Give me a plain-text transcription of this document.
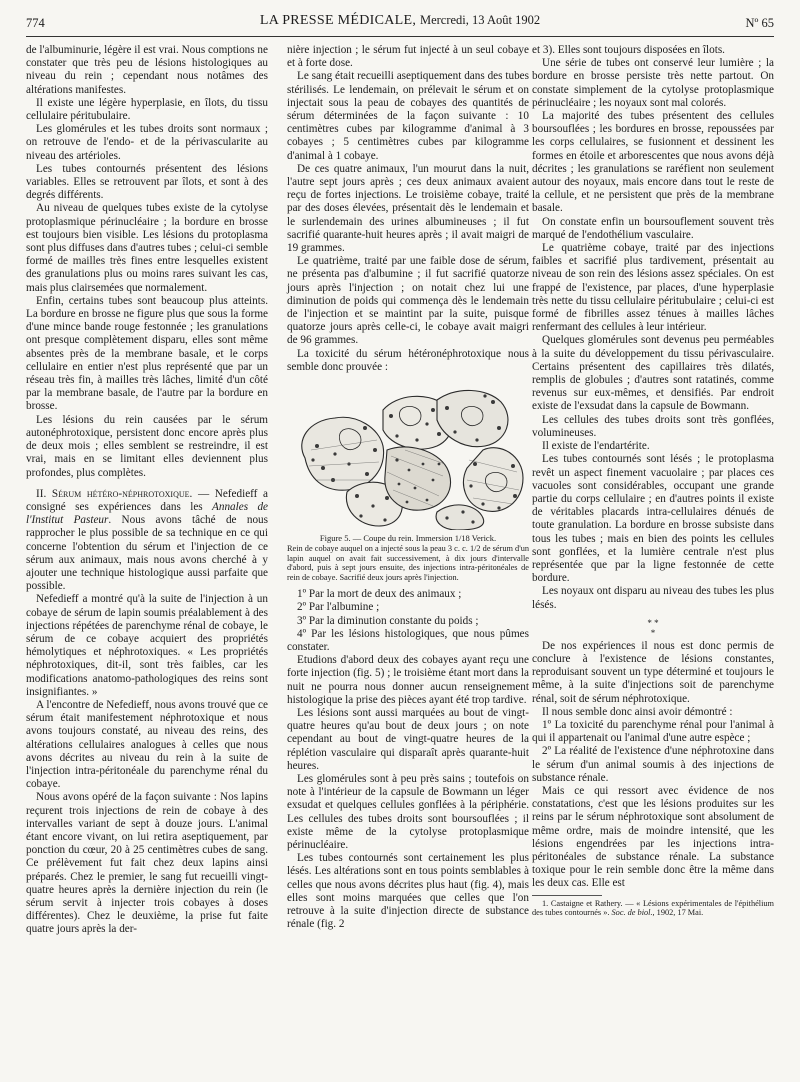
774	LA PRESSE MÉDICALE, Mercredi, 13 Août 1902	Nº 65

de l'albuminurie, légère il est vrai. Nous comptions ne constater que très peu de lésions histologiques au niveau du rein ; cependant nous notâmes des altérations manifestes.

Il existe une légère hyperplasie, en îlots, du tissu cellulaire péritubulaire.

Les glomérules et les tubes droits sont normaux ; on retrouve de l'endo- et de la périvascularite au niveau des artérioles.

Les tubes contournés présentent des lésions variables. Elles se retrouvent par îlots, et sont à des degrés différents.

Au niveau de quelques tubes existe de la cytolyse protoplasmique périnucléaire ; la bordure en brosse est toujours bien visible. Les lésions du protoplasma sont plus diffuses dans d'autres tubes ; celui-ci semble formé de mailles très fines entre lesquelles existent des granulations plus ou moins rares suivant les cas, mais plus clairsemées que normalement.

Enfin, certains tubes sont beaucoup plus atteints. La bordure en brosse ne figure plus que sous la forme d'une mince bande rouge festonnée ; les granulations ont presque complètement disparu, elles sont même absentes près de la membrane basale, et le corps cellulaire en entier n'est plus représenté que par un réseau très fin, à mailles très lâches, limité d'un côté par la membrane basale, de l'autre par la bordure en brosse.

Les lésions du rein causées par le sérum autonéphrotoxique, persistent donc encore après plus de deux mois ; elles semblent se restreindre, il est vrai, mais en se limitant elles deviennent plus profondes, plus complètes.

II. Sérum hétéro-néphrotoxique. — Nefedieff a consigné ses expériences dans les Annales de l'Institut Pasteur. Nous avons tâché de nous rapprocher le plus possible de sa technique en ce qui concerne l'obtention du sérum et l'injection de ce sérum aux animaux, mais nous avons cherché à y ajouter une technique histologique aussi parfaite que possible.

Nefedieff a montré qu'à la suite de l'injection à un cobaye de sérum de lapin soumis préalablement à des injections répétées de parenchyme rénal de cobaye, le sérum de ce cobaye acquiert des propriétés hémolytiques et néphrotoxiques. « Les propriétés néphrotoxiques, dit-il, sont très faibles, car les modifications anatomo-pathologiques des reins sont insignifiantes. »

A l'encontre de Nefedieff, nous avons trouvé que ce sérum était manifestement néphrotoxique et nous avons toujours constaté, au niveau des reins, des altérations cellulaires analogues à celles que nous avons décrites au niveau du rein à la suite de l'injection intra-péritonéale du parenchyme rénal du cobaye.

Nous avons opéré de la façon suivante : Nos lapins reçurent trois injections de rein de cobaye à des intervalles variant de sept à douze jours. L'animal étant encore vivant, on lui retira aseptiquement, par ponction du cœur, 20 à 25 centimètres cubes de sang. Ce prélèvement fut fait chez deux lapins ainsi préparés. Chez le premier, le sang fut recueilli vingt-quatre heures après la dernière injection du rein (le sérum servit à injecter trois cobayes à doses différentes). Chez le deuxième, la prise fut faite quatre jours après la der-

nière injection ; le sérum fut injecté à un seul cobaye et à forte dose.

Le sang était recueilli aseptiquement dans des tubes stérilisés. Le lendemain, on prélevait le sérum et on injectait sous la peau de cobayes des quantités de sérum déterminées de la façon suivante : 10 centimètres cubes par kilogramme d'animal à 3 cobayes ; 5 centimètres cubes par kilogramme d'animal à 1 cobaye.

De ces quatre animaux, l'un mourut dans la nuit, l'autre sept jours après ; ces deux animaux avaient reçu de fortes injections. Le troisième cobaye, traité par des doses élevées, présentait dès le lendemain et le surlendemain des urines albumineuses ; il fut sacrifié quarante-huit heures après ; il avait maigri de 19 grammes.

Le quatrième, traité par une faible dose de sérum, ne présenta pas d'albumine ; il fut sacrifié quatorze jours après l'injection ; on notait chez lui une diminution de poids qui commença dès le lendemain de l'injection et se maintint par la suite, puisque quatorze jours après celle-ci, le cobaye avait maigri de 96 grammes.

La toxicité du sérum hétéronéphrotoxique nous semble donc prouvée :

Figure 5. — Coupe du rein. Immersion 1/18 Verick.
Rein de cobaye auquel on a injecté sous la peau 3 c. c. 1/2 de sérum d'un lapin auquel on avait fait successivement, à dix jours d'intervalle d'abord, puis à sept jours ensuite, des injections intra-péritonéales de rein de cobaye. Sacrifié deux jours après l'injection.

1º Par la mort de deux des animaux ;

2º Par l'albumine ;

3º Par la diminution constante du poids ;

4º Par les lésions histologiques, que nous pûmes constater.

Etudions d'abord deux des cobayes ayant reçu une forte injection (fig. 5) ; le troisième étant mort dans la nuit ne pourra nous donner aucun renseignement histologique la prise des pièces ayant été trop tardive.

Les lésions sont aussi marquées au bout de vingt-quatre heures qu'au bout de deux jours ; on note cependant au bout de vingt-quatre heures de la réplétion vasculaire qui disparaît après quarante-huit heures.

Les glomérules sont à peu près sains ; toutefois on note à l'intérieur de la capsule de Bowmann un léger exsudat et quelques cellules gonflées à la périphérie. Les cellules des tubes droits sont boursouflées ; il existe même de la cytolyse protoplasmique périnucléaire.

Les tubes contournés sont certainement les plus lésés. Les altérations sont en tous points semblables à celles que nous avons décrites plus haut (fig. 4), mais elles sont moins marquées que celles que l'on retrouve à la suite d'injection directe de substance rénale (fig. 2

et 3). Elles sont toujours disposées en îlots.

Une série de tubes ont conservé leur lumière ; la bordure en brosse persiste très nette partout. On constate simplement de la cytolyse protoplasmique périnucléaire ; les noyaux sont mal colorés.

La majorité des tubes présentent des cellules boursouflées ; les bordures en brosse, repoussées par les corps cellulaires, se fusionnent et dessinent les formes en étoile et arborescentes que nous avons déjà décrites ; les granulations se raréfient non seulement autour des noyaux, mais encore dans tout le reste de la cellule, et ne persistent que près de la membrane basale.

On constate enfin un boursouflement souvent très marqué de l'endothélium vasculaire.

Le quatrième cobaye, traité par des injections faibles et sacrifié plus tardivement, présentait au niveau de son rein des lésions assez spéciales. On est frappé de l'existence, par places, d'une hyperplasie très nette du tissu cellulaire péritubulaire ; celui-ci est formé de fibrilles assez ténues à mailles lâches renfermant des cellules à leur intérieur.

Quelques glomérules sont devenus peu perméables à la suite du développement du tissu périvasculaire. Certains présentent des capillaires très dilatés, remplis de globules ; d'autres sont ratatinés, comme revenus sur eux-mêmes, et densifiés. Par endroit existe de l'exsudat dans la capsule de Bowmann.

Les cellules des tubes droits sont très gonflées, volumineuses.

Il existe de l'endartérite.

Les tubes contournés sont lésés ; le protoplasma revêt un aspect finement vacuolaire ; par places ces vacuoles sont considérables, occupant une grande partie du corps cellulaire ; en d'autres points il existe de véritables placards intra-cellulaires dénués de toute granulation. La bordure en brosse subsiste dans tous les tubes ; mais en bien des points les cellules sont gonflées, et la lumière centrale n'est plus représentée que par la ligne festonnée de cette bordure.

Les noyaux ont disparu au niveau des tubes les plus lésés.

* *
*

De nos expériences il nous est donc permis de conclure à l'existence de lésions constantes, reproduisant souvent un type déterminé et toujours le même, à la suite d'injections soit de parenchyme rénal, soit de sérum néphrotoxique.

Il nous semble donc ainsi avoir démontré :

1º La toxicité du parenchyme rénal pour l'animal à qui il appartenait ou l'animal d'une autre espèce ;

2º La réalité de l'existence d'une néphrotoxine dans le sérum d'un animal soumis à des injections de substance rénale.

Mais ce qui ressort avec évidence de nos constatations, c'est que les lésions produites sur les reins par le sérum néphrotoxique sont absolument de même ordre, mais de moindre intensité, que les lésions engendrées par les injections intra-péritonéales de substance rénale. La substance toxique pour le rein semble donc être la même dans les deux cas. Elle est

1. Castaigne et Rathery. — « Lésions expérimentales de l'épithélium des tubes contournés ». Soc. de biol., 1902, 17 Mai.
